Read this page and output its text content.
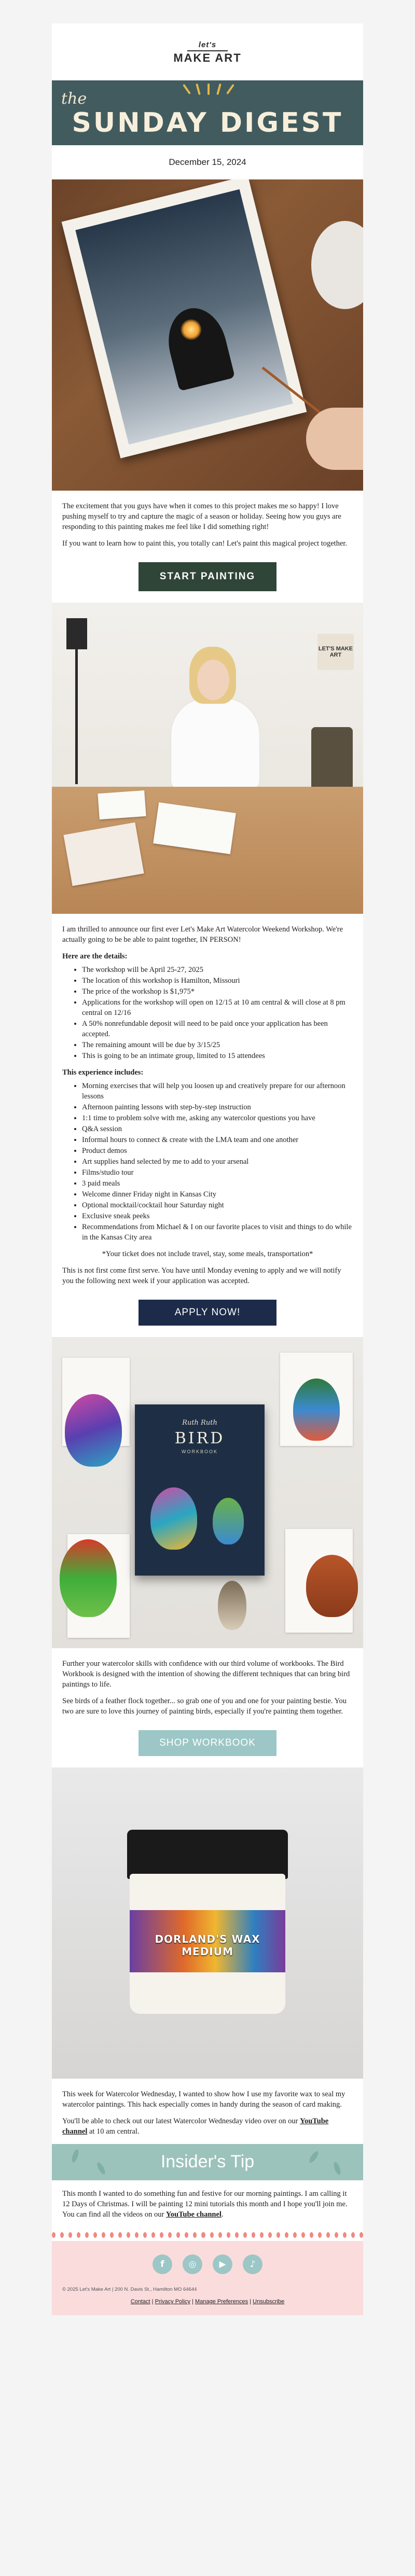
let's
MAKE ART
the
SUNDAY DIGEST
December 15, 2024

The excitement that you guys have when it comes to this project makes me so happy! I love pushing myself to try and capture the magic of a season or holiday. Seeing how you guys are responding to this painting makes me feel like I did something right!

If you want to learn how to paint this, you totally can! Let's paint this magical project together.

START PAINTING
LET'S MAKE ART

I am thrilled to announce our first ever Let's Make Art Watercolor Weekend Workshop. We're actually going to be be able to paint together, IN PERSON!

Here are the details:
• The workshop will be April 25-27, 2025
• The location of this workshop is Hamilton, Missouri
• The price of the workshop is $1,975*
• Applications for the workshop will open on 12/15 at 10 am central & will close at 8 pm central on 12/16
• A 50% nonrefundable deposit will need to be paid once your application has been accepted.
• The remaining amount will be due by 3/15/25
• This is going to be an intimate group, limited to 15 attendees
This experience includes:
• Morning exercises that will help you loosen up and creatively prepare for our afternoon lessons
• Afternoon painting lessons with step-by-step instruction
• 1:1 time to problem solve with me, asking any watercolor questions you have
• Q&A session
• Informal hours to connect & create with the LMA team and one another
• Product demos
• Art supplies hand selected by me to add to your arsenal
• Films/studio tour
• 3 paid meals
• Welcome dinner Friday night in Kansas City
• Optional mocktail/cocktail hour Saturday night
• Exclusive sneak peeks
• Recommendations from Michael & I on our favorite places to visit and things to do while in the Kansas City area

*Your ticket does not include travel, stay, some meals, transportation*

This is not first come first serve. You have until Monday evening to apply and we will notify you the following next week if your application was accepted.

APPLY NOW!
Ruth Ruth
BIRD
WORKBOOK

Further your watercolor skills with confidence with our third volume of workbooks. The Bird Workbook is designed with the intention of showing the different techniques that can bring bird paintings to life.

See birds of a feather flock together... so grab one of you and one for your painting bestie. You two are sure to love this journey of painting birds, especially if you're painting them together.

SHOP WORKBOOK
DORLAND'S WAX MEDIUM

This week for Watercolor Wednesday, I wanted to show how I use my favorite wax to seal my watercolor paintings. This hack especially comes in handy during the season of card making.

You'll be able to check out our latest Watercolor Wednesday video over on our YouTube channel at 10 am central.

Insider's Tip

This month I wanted to do something fun and festive for our morning paintings. I am calling it 12 Days of Christmas. I will be painting 12 mini tutorials this month and I hope you'll join me. You can find all the videos on our YouTube channel.

f	◎	▶	♪
© 2025 Let's Make Art | 200 N. Davis St., Hamilton MO 64644
Contact | Privacy Policy | Manage Preferences | Unsubscribe
